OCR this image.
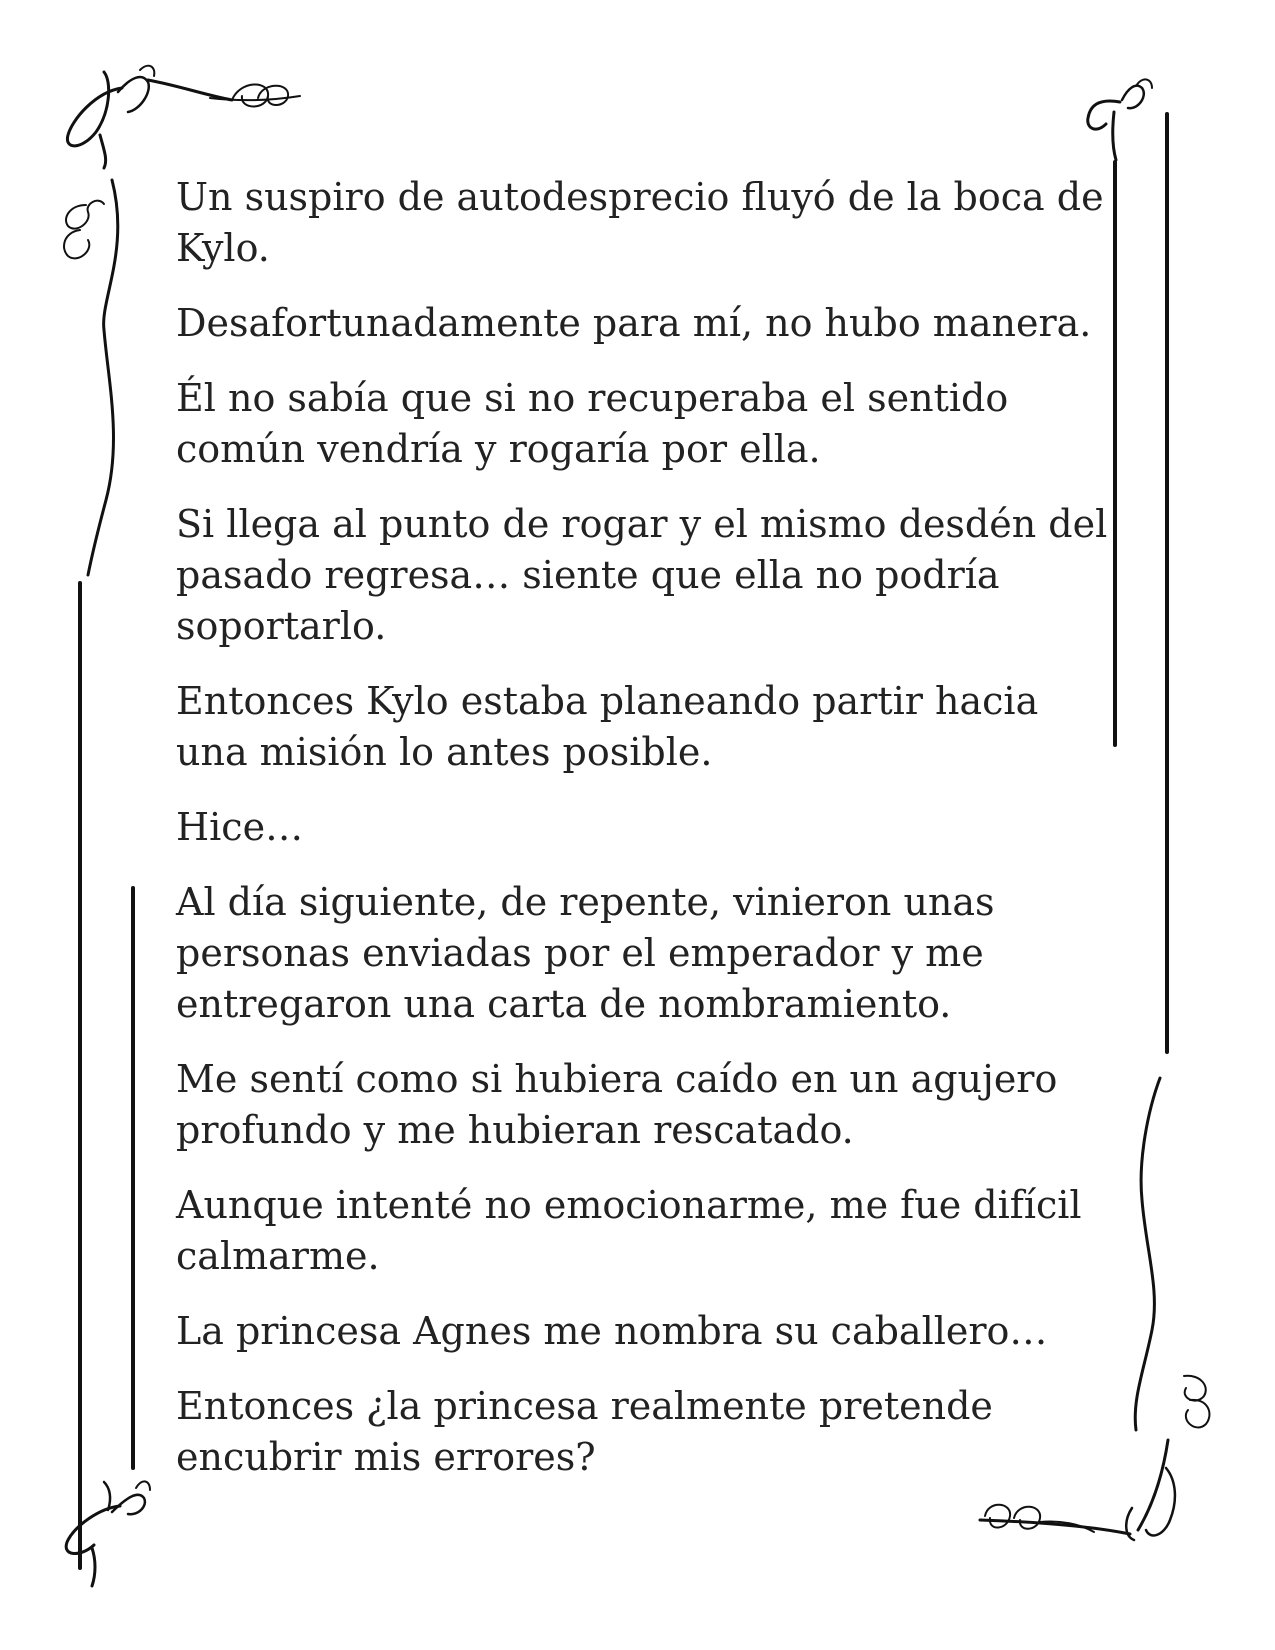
Un suspiro de autodesprecio fluyó de la boca de
Kylo.

Desafortunadamente para mí, no hubo manera.

Él no sabía que si no recuperaba el sentido
común vendría y rogaría por ella.

Si llega al punto de rogar y el mismo desdén del
pasado regresa… siente que ella no podría
soportarlo.

Entonces Kylo estaba planeando partir hacia
una misión lo antes posible.

Hice…

Al día siguiente, de repente, vinieron unas
personas enviadas por el emperador y me
entregaron una carta de nombramiento.

Me sentí como si hubiera caído en un agujero
profundo y me hubieran rescatado.

Aunque intenté no emocionarme, me fue difícil
calmarme.

La princesa Agnes me nombra su caballero…

Entonces ¿la princesa realmente pretende
encubrir mis errores?
